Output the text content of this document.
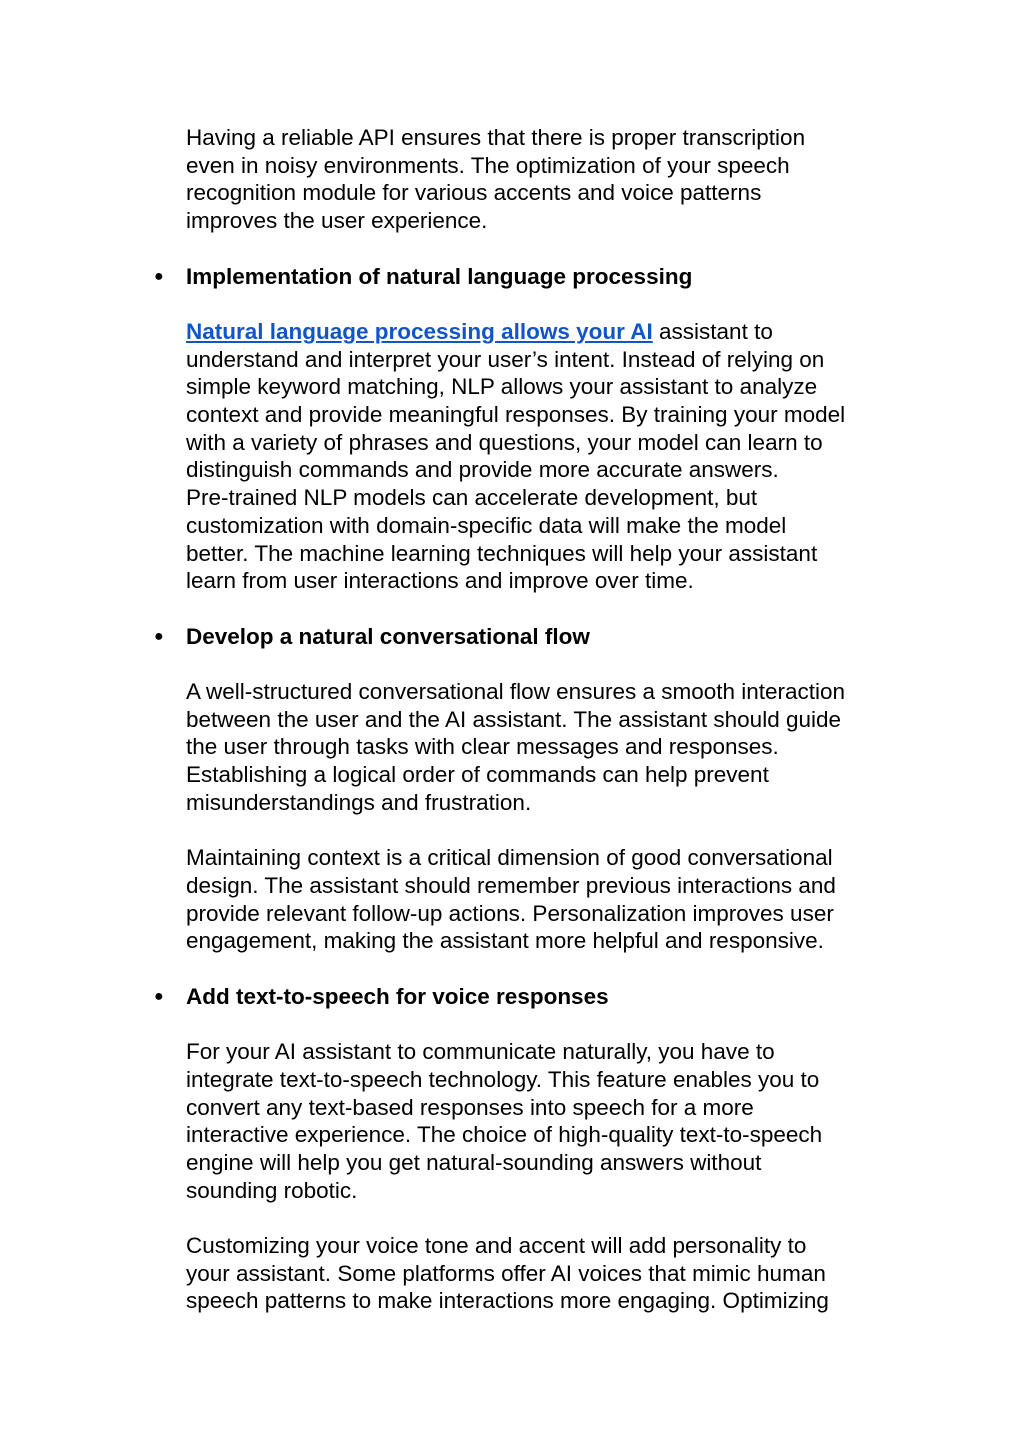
Having a reliable API ensures that there is proper transcription
even in noisy environments. The optimization of your speech
recognition module for various accents and voice patterns
improves the user experience.

● Implementation of natural language processing

Natural language processing allows your AI assistant to
understand and interpret your user’s intent. Instead of relying on
simple keyword matching, NLP allows your assistant to analyze
context and provide meaningful responses. By training your model
with a variety of phrases and questions, your model can learn to
distinguish commands and provide more accurate answers.
Pre-trained NLP models can accelerate development, but
customization with domain-specific data will make the model
better. The machine learning techniques will help your assistant
learn from user interactions and improve over time.

● Develop a natural conversational flow

A well-structured conversational flow ensures a smooth interaction
between the user and the AI assistant. The assistant should guide
the user through tasks with clear messages and responses.
Establishing a logical order of commands can help prevent
misunderstandings and frustration.

Maintaining context is a critical dimension of good conversational
design. The assistant should remember previous interactions and
provide relevant follow-up actions. Personalization improves user
engagement, making the assistant more helpful and responsive.

● Add text-to-speech for voice responses

For your AI assistant to communicate naturally, you have to
integrate text-to-speech technology. This feature enables you to
convert any text-based responses into speech for a more
interactive experience. The choice of high-quality text-to-speech
engine will help you get natural-sounding answers without
sounding robotic.

Customizing your voice tone and accent will add personality to
your assistant. Some platforms offer AI voices that mimic human
speech patterns to make interactions more engaging. Optimizing
